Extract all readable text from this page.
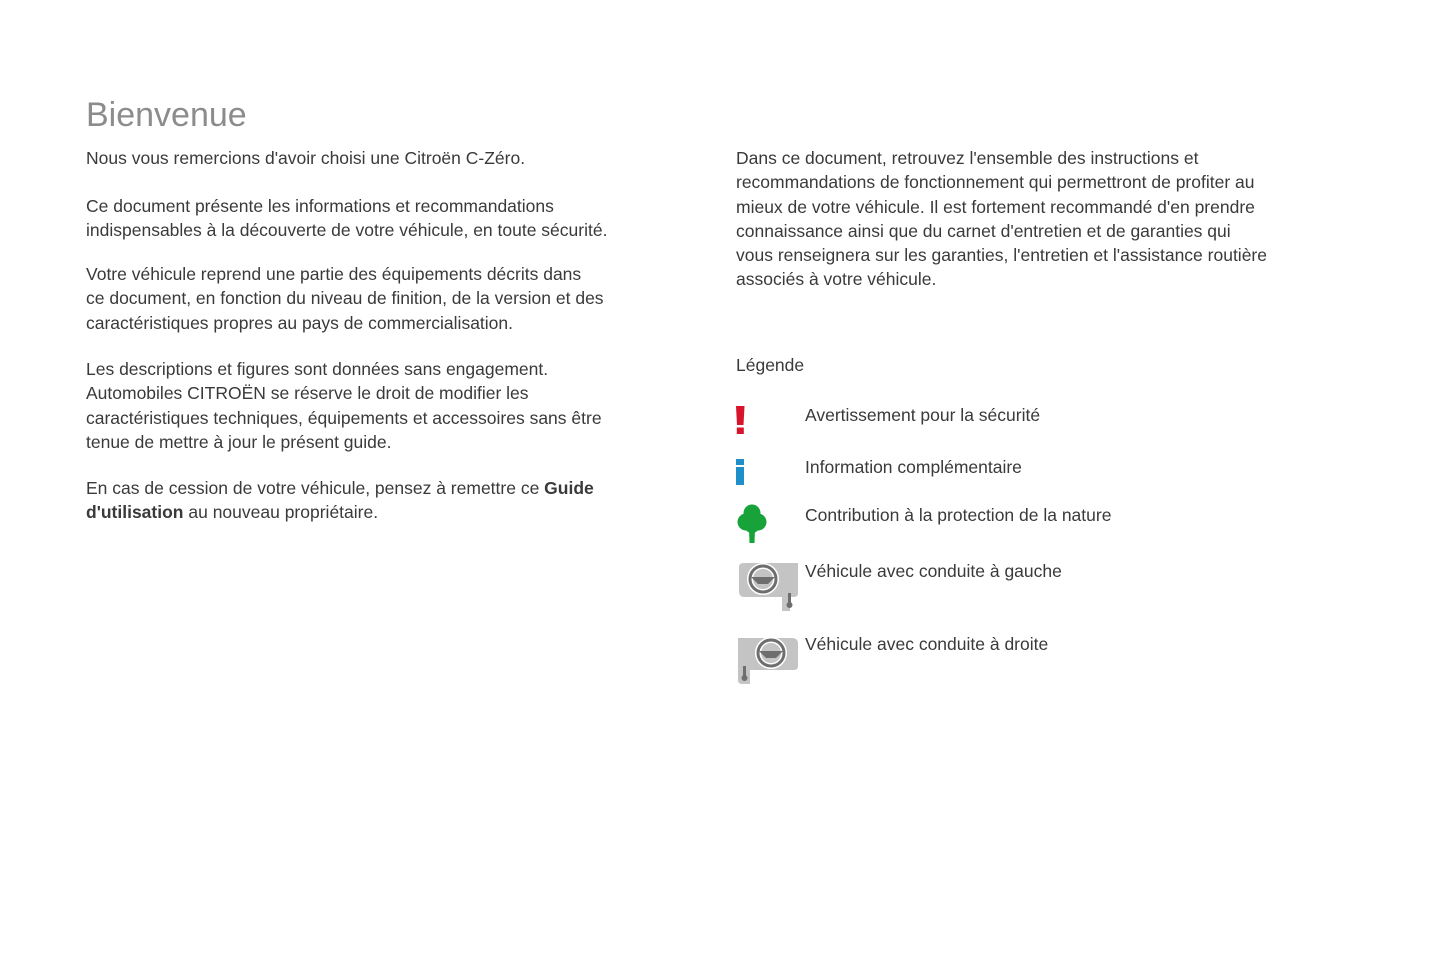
Bienvenue

Nous vous remercions d'avoir choisi une Citroën C-Zéro.

Ce document présente les informations et recommandations
indispensables à la découverte de votre véhicule, en toute sécurité.

Votre véhicule reprend une partie des équipements décrits dans
ce document, en fonction du niveau de finition, de la version et des
caractéristiques propres au pays de commercialisation.

Les descriptions et figures sont données sans engagement.
Automobiles CITROËN se réserve le droit de modifier les
caractéristiques techniques, équipements et accessoires sans être
tenue de mettre à jour le présent guide.

En cas de cession de votre véhicule, pensez à remettre ce Guide
d'utilisation au nouveau propriétaire.

Dans ce document, retrouvez l'ensemble des instructions et
recommandations de fonctionnement qui permettront de profiter au
mieux de votre véhicule. Il est fortement recommandé d'en prendre
connaissance ainsi que du carnet d'entretien et de garanties qui
vous renseignera sur les garanties, l'entretien et l'assistance routière
associés à votre véhicule.

Légende

Avertissement pour la sécurité
Information complémentaire
Contribution à la protection de la nature
Véhicule avec conduite à gauche
Véhicule avec conduite à droite
